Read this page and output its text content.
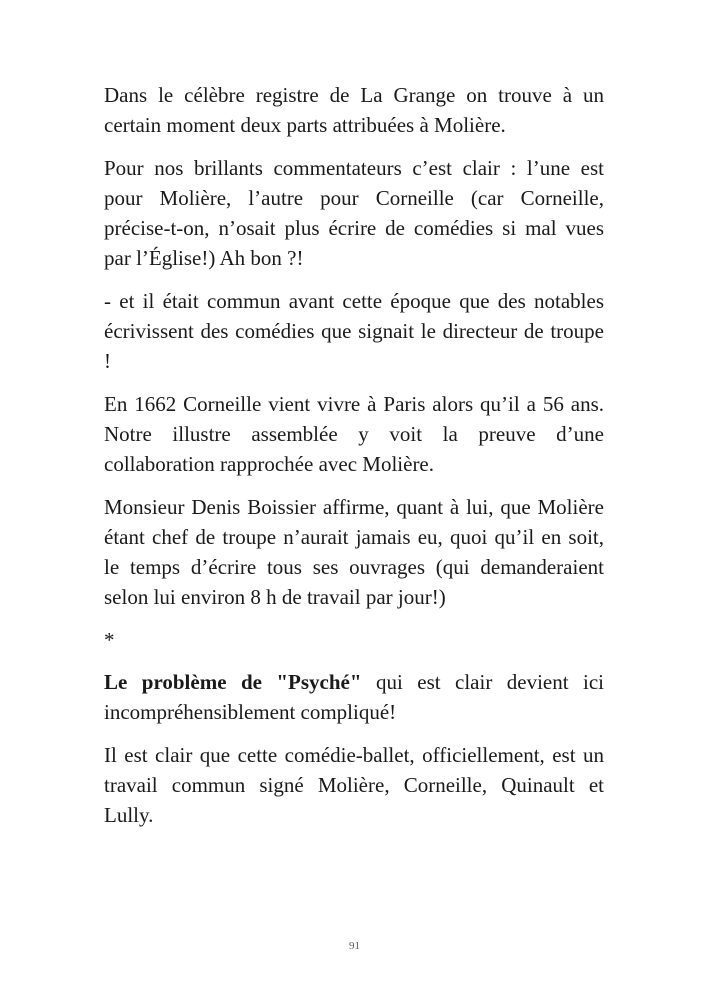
Dans le célèbre registre de La Grange on trouve à un certain moment deux parts attribuées à Molière.

Pour nos brillants commentateurs c’est clair : l’une est pour Molière, l’autre pour Corneille (car Corneille, précise-t-on, n’osait plus écrire de comédies si mal vues par l’Église!) Ah bon ?!

- et il était commun avant cette époque que des notables écrivissent des comédies que signait le directeur de troupe !

En 1662 Corneille vient vivre à Paris alors qu’il a 56 ans. Notre illustre assemblée y voit la preuve d’une collaboration rapprochée avec Molière.

Monsieur Denis Boissier affirme, quant à lui, que Molière étant chef de troupe n’aurait jamais eu, quoi qu’il en soit, le temps d’écrire tous ses ouvrages (qui demanderaient selon lui environ 8 h de travail par jour!)

*

Le problème de "Psyché" qui est clair devient ici incompréhensiblement compliqué!

Il est clair que cette comédie-ballet, officiellement, est un travail commun signé Molière, Corneille, Quinault et Lully.

91
